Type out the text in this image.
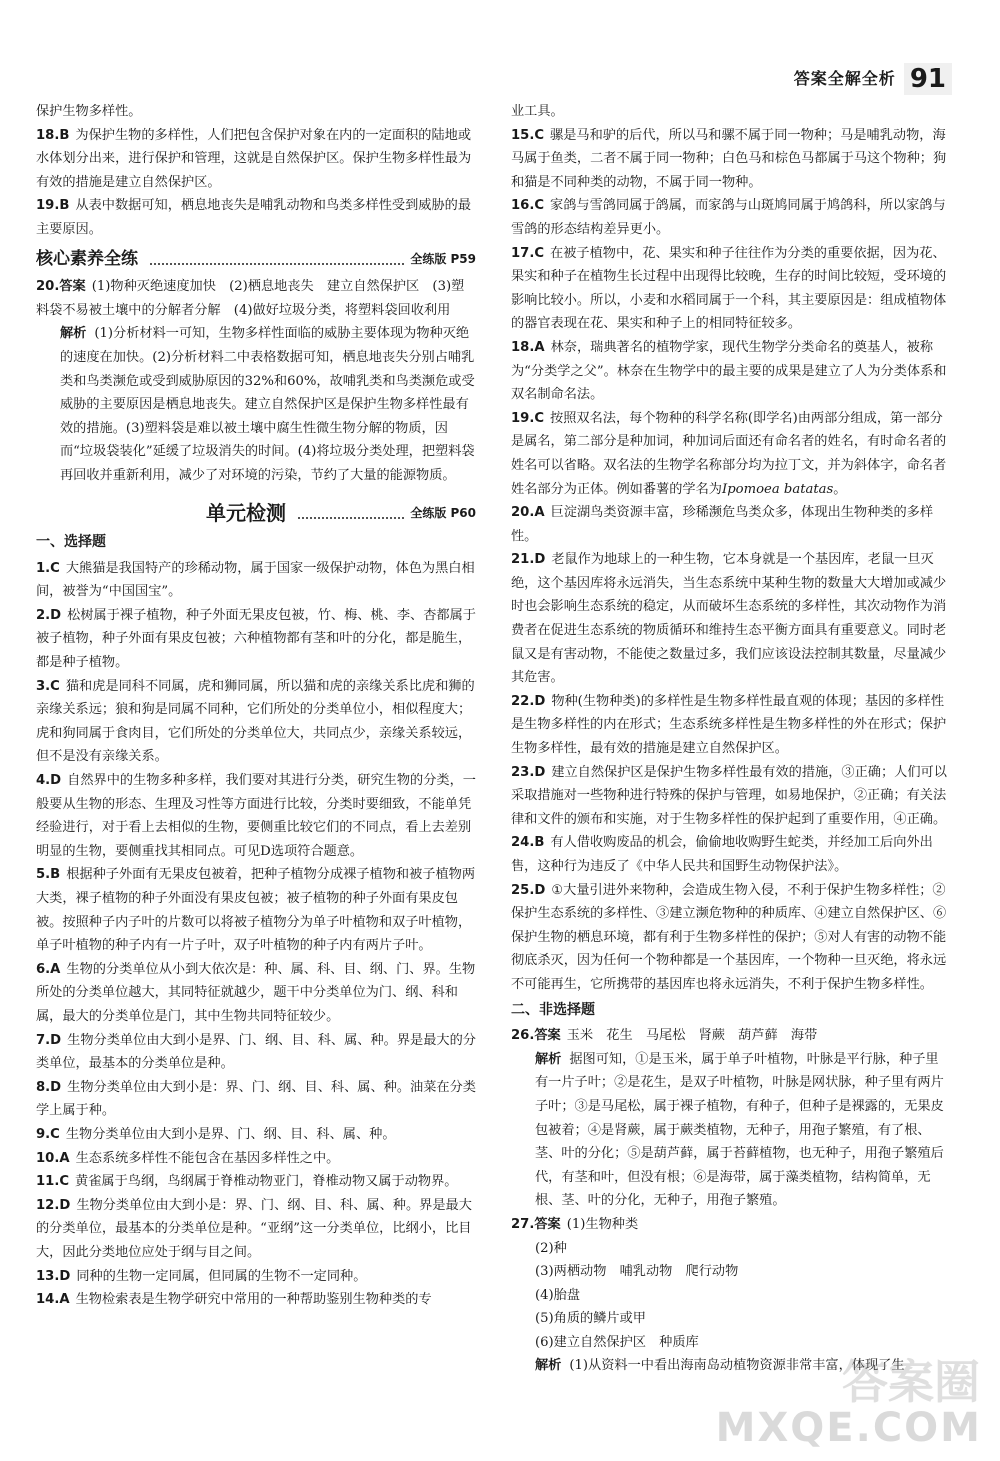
答案全解全析 91
保护生物多样性。
18.B 为保护生物的多样性，人们把包含保护对象在内的一定面积的陆地或水体划分出来，进行保护和管理，这就是自然保护区。保护生物多样性最为有效的措施是建立自然保护区。
19.B 从表中数据可知，栖息地丧失是哺乳动物和鸟类多样性受到威胁的最主要原因。
核心素养全练	全练版 P59
20.答案 (1)物种灭绝速度加快　(2)栖息地丧失　建立自然保护区　(3)塑料袋不易被土壤中的分解者分解　(4)做好垃圾分类，将塑料袋回收利用
解析 (1)分析材料一可知，生物多样性面临的威胁主要体现为物种灭绝的速度在加快。(2)分析材料二中表格数据可知，栖息地丧失分别占哺乳类和鸟类濒危或受到威胁原因的32%和60%，故哺乳类和鸟类濒危或受威胁的主要原因是栖息地丧失。建立自然保护区是保护生物多样性最有效的措施。(3)塑料袋是难以被土壤中腐生性微生物分解的物质，因而“垃圾袋装化”延缓了垃圾消失的时间。(4)将垃圾分类处理，把塑料袋再回收并重新利用，减少了对环境的污染，节约了大量的能源物质。
单元检测	全练版 P60
一、选择题
1.C 大熊猫是我国特产的珍稀动物，属于国家一级保护动物，体色为黑白相间，被誉为“中国国宝”。
2.D 松树属于裸子植物，种子外面无果皮包被，竹、梅、桃、李、杏都属于被子植物，种子外面有果皮包被；六种植物都有茎和叶的分化，都是脆生，都是种子植物。
3.C 猫和虎是同科不同属，虎和狮同属，所以猫和虎的亲缘关系比虎和狮的亲缘关系远；狼和狗是同属不同种，它们所处的分类单位小，相似程度大；虎和狗同属于食肉目，它们所处的分类单位大，共同点少，亲缘关系较远，但不是没有亲缘关系。
4.D 自然界中的生物多种多样，我们要对其进行分类，研究生物的分类，一般要从生物的形态、生理及习性等方面进行比较，分类时要细致，不能单凭经验进行，对于看上去相似的生物，要侧重比较它们的不同点，看上去差别明显的生物，要侧重找其相同点。可见D选项符合题意。
5.B 根据种子外面有无果皮包被着，把种子植物分成裸子植物和被子植物两大类，裸子植物的种子外面没有果皮包被；被子植物的种子外面有果皮包被。按照种子内子叶的片数可以将被子植物分为单子叶植物和双子叶植物，单子叶植物的种子内有一片子叶，双子叶植物的种子内有两片子叶。
6.A 生物的分类单位从小到大依次是：种、属、科、目、纲、门、界。生物所处的分类单位越大，其同特征就越少，题干中分类单位为门、纲、科和属，最大的分类单位是门，其中生物共同特征较少。
7.D 生物分类单位由大到小是界、门、纲、目、科、属、种。界是最大的分类单位，最基本的分类单位是种。
8.D 生物分类单位由大到小是：界、门、纲、目、科、属、种。油菜在分类学上属于种。
9.C 生物分类单位由大到小是界、门、纲、目、科、属、种。
10.A 生态系统多样性不能包含在基因多样性之中。
11.C 黄雀属于鸟纲，鸟纲属于脊椎动物亚门，脊椎动物又属于动物界。
12.D 生物分类单位由大到小是：界、门、纲、目、科、属、种。界是最大的分类单位，最基本的分类单位是种。“亚纲”这一分类单位，比纲小，比目大，因此分类地位应处于纲与目之间。
13.D 同种的生物一定同属，但同属的生物不一定同种。
14.A 生物检索表是生物学研究中常用的一种帮助鉴别生物种类的专
业工具。
15.C 骡是马和驴的后代，所以马和骡不属于同一物种；马是哺乳动物，海马属于鱼类，二者不属于同一物种；白色马和棕色马都属于马这个物种；狗和猫是不同种类的动物，不属于同一物种。
16.C 家鸽与雪鸽同属于鸽属，而家鸽与山斑鸠同属于鸠鸽科，所以家鸽与雪鸽的形态结构差异更小。
17.C 在被子植物中，花、果实和种子往往作为分类的重要依据，因为花、果实和种子在植物生长过程中出现得比较晚，生存的时间比较短，受环境的影响比较小。所以，小麦和水稻同属于一个科，其主要原因是：组成植物体的器官表现在花、果实和种子上的相同特征较多。
18.A 林奈，瑞典著名的植物学家，现代生物学分类命名的奠基人，被称为“分类学之父”。林奈在生物学中的最主要的成果是建立了人为分类体系和双名制命名法。
19.C 按照双名法，每个物种的科学名称(即学名)由两部分组成，第一部分是属名，第二部分是种加词，种加词后面还有命名者的姓名，有时命名者的姓名可以省略。双名法的生物学名称部分均为拉丁文，并为斜体字，命名者姓名部分为正体。例如番薯的学名为Ipomoea batatas。
20.A 巨淀湖鸟类资源丰富，珍稀濒危鸟类众多，体现出生物种类的多样性。
21.D 老鼠作为地球上的一种生物，它本身就是一个基因库，老鼠一旦灭绝，这个基因库将永远消失，当生态系统中某种生物的数量大大增加或减少时也会影响生态系统的稳定，从而破坏生态系统的多样性，其次动物作为消费者在促进生态系统的物质循环和维持生态平衡方面具有重要意义。同时老鼠又是有害动物，不能使之数量过多，我们应该设法控制其数量，尽量减少其危害。
22.D 物种(生物种类)的多样性是生物多样性最直观的体现；基因的多样性是生物多样性的内在形式；生态系统多样性是生物多样性的外在形式；保护生物多样性，最有效的措施是建立自然保护区。
23.D 建立自然保护区是保护生物多样性最有效的措施，③正确；人们可以采取措施对一些物种进行特殊的保护与管理，如易地保护，②正确；有关法律和文件的颁布和实施，对于生物多样性的保护起到了重要作用，④正确。
24.B 有人借收购废品的机会，偷偷地收购野生蛇类，并经加工后向外出售，这种行为违反了《中华人民共和国野生动物保护法》。
25.D ①大量引进外来物种，会造成生物入侵，不利于保护生物多样性；②保护生态系统的多样性、③建立濒危物种的种质库、④建立自然保护区、⑥保护生物的栖息环境，都有利于生物多样性的保护；⑤对人有害的动物不能彻底杀灭，因为任何一个物种都是一个基因库，一个物种一旦灭绝，将永远不可能再生，它所携带的基因库也将永远消失，不利于保护生物多样性。
二、非选择题
26.答案 玉米　花生　马尾松　肾蕨　葫芦藓　海带
解析 据图可知，①是玉米，属于单子叶植物，叶脉是平行脉，种子里有一片子叶；②是花生，是双子叶植物，叶脉是网状脉，种子里有两片子叶；③是马尾松，属于裸子植物，有种子，但种子是裸露的，无果皮包被着；④是肾蕨，属于蕨类植物，无种子，用孢子繁殖，有了根、茎、叶的分化；⑤是葫芦藓，属于苔藓植物，也无种子，用孢子繁殖后代，有茎和叶，但没有根；⑥是海带，属于藻类植物，结构简单，无根、茎、叶的分化，无种子，用孢子繁殖。
27.答案 (1)生物种类
(2)种
(3)两栖动物　哺乳动物　爬行动物
(4)胎盘
(5)角质的鳞片或甲
(6)建立自然保护区　种质库
解析 (1)从资料一中看出海南岛动植物资源非常丰富，体现了生
答案圈
MXQE.COM
